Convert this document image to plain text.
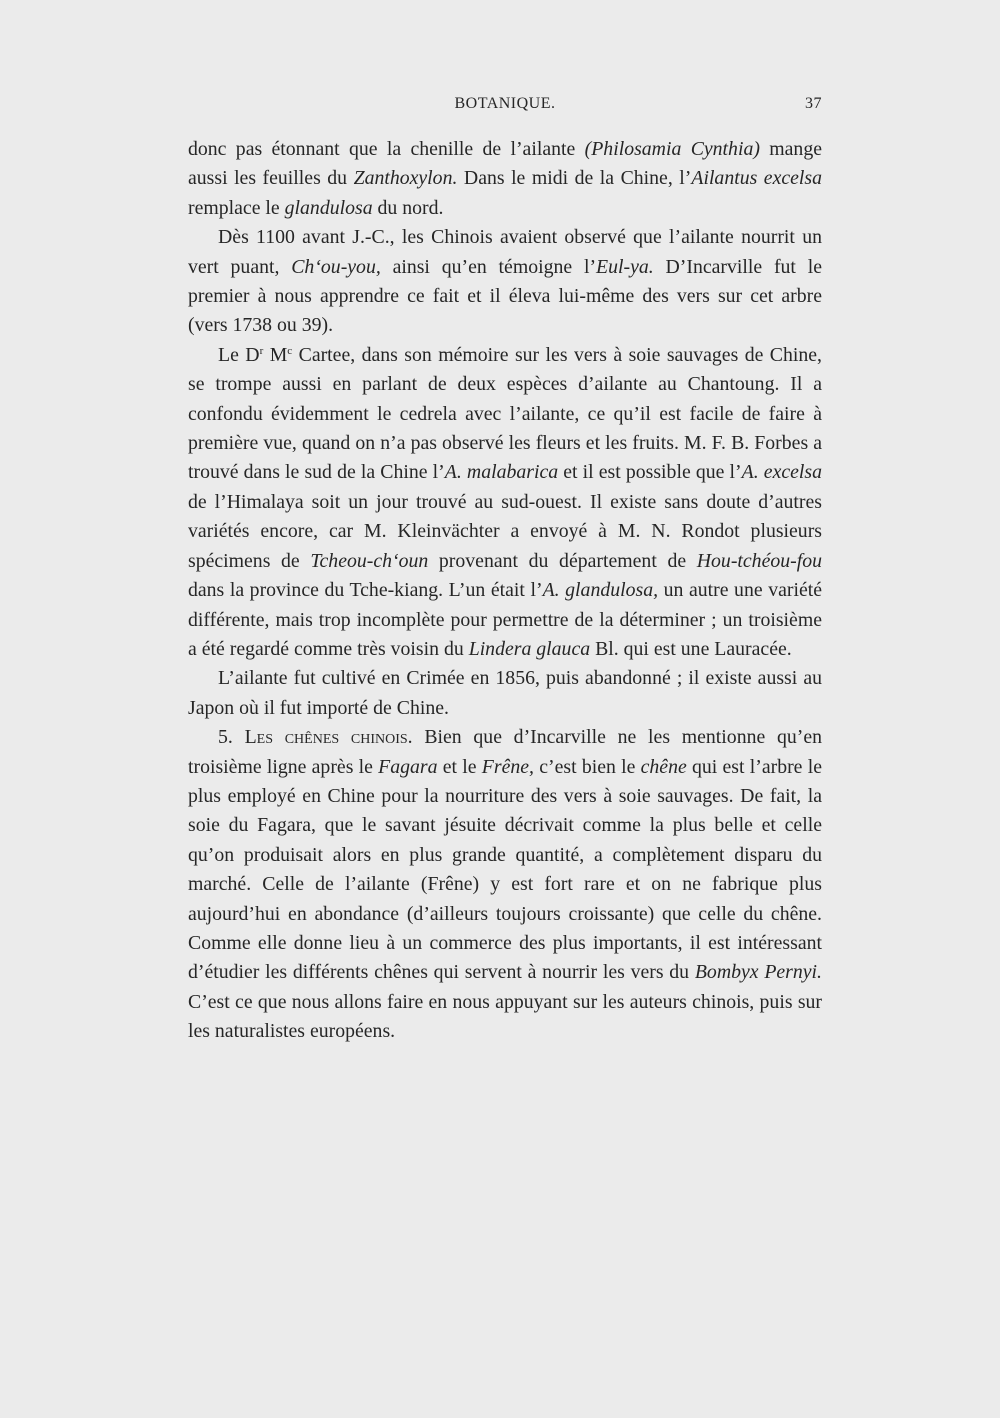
BOTANIQUE.	37

donc pas étonnant que la chenille de l’ailante (Philosamia Cynthia) mange aussi les feuilles du Zanthoxylon. Dans le midi de la Chine, l’Ailantus excelsa remplace le glandulosa du nord.

Dès 1100 avant J.-C., les Chinois avaient observé que l’ailante nourrit un vert puant, Ch‘ou-you, ainsi qu’en témoigne l’Eul-ya. D’Incarville fut le premier à nous apprendre ce fait et il éleva lui-même des vers sur cet arbre (vers 1738 ou 39).

Le $D^r$ $M^c$ Cartee, dans son mémoire sur les vers à soie sauvages de Chine, se trompe aussi en parlant de deux espèces d’ailante au Chantoung. Il a confondu évidemment le cedrela avec l’ailante, ce qu’il est facile de faire à première vue, quand on n’a pas observé les fleurs et les fruits. M. F. B. Forbes a trouvé dans le sud de la Chine l’A. malabarica et il est possible que l’A. excelsa de l’Himalaya soit un jour trouvé au sud-ouest. Il existe sans doute d’autres variétés encore, car M. Kleinvächter a envoyé à M. N. Rondot plusieurs spécimens de Tcheou-ch‘oun provenant du département de Hou-tchéou-fou dans la province du Tche-kiang. L’un était l’A. glandulosa, un autre une variété différente, mais trop incomplète pour permettre de la déterminer ; un troisième a été regardé comme très voisin du Lindera glauca Bl. qui est une Lauracée.

L’ailante fut cultivé en Crimée en 1856, puis abandonné ; il existe aussi au Japon où il fut importé de Chine.

5. Les chênes chinois. Bien que d’Incarville ne les mentionne qu’en troisième ligne après le Fagara et le Frêne, c’est bien le chêne qui est l’arbre le plus employé en Chine pour la nourriture des vers à soie sauvages. De fait, la soie du Fagara, que le savant jésuite décrivait comme la plus belle et celle qu’on produisait alors en plus grande quantité, a complètement disparu du marché. Celle de l’ailante (Frêne) y est fort rare et on ne fabrique plus aujourd’hui en abondance (d’ailleurs toujours croissante) que celle du chêne. Comme elle donne lieu à un commerce des plus importants, il est intéressant d’étudier les différents chênes qui servent à nourrir les vers du Bombyx Pernyi. C’est ce que nous allons faire en nous appuyant sur les auteurs chinois, puis sur les naturalistes européens.
